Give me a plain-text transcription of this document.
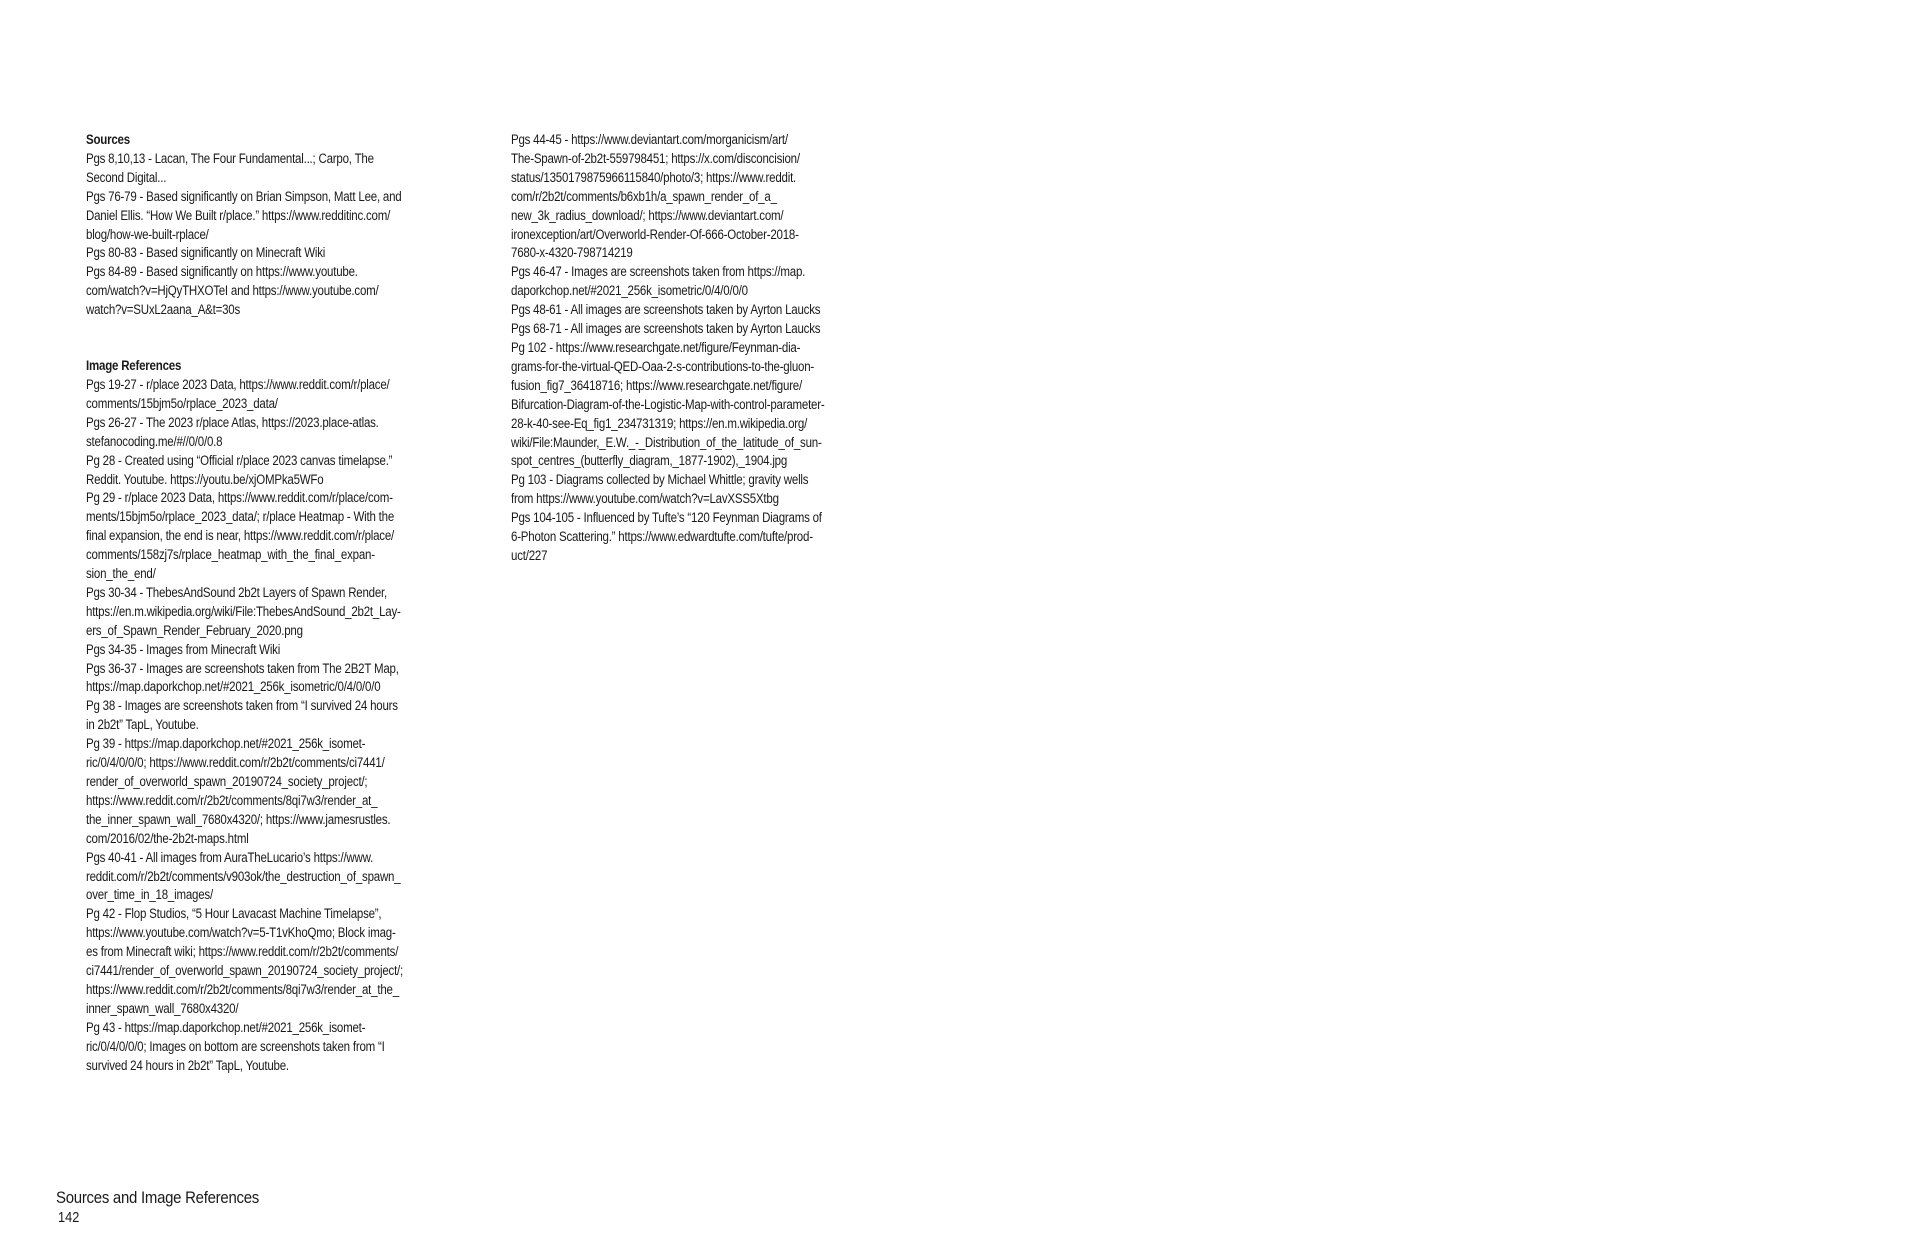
Sources

Pgs 8,10,13 - Lacan, The Four Fundamental...; Carpo, The
Second Digital...

Pgs 76-79 - Based significantly on Brian Simpson, Matt Lee, and
Daniel Ellis. “How We Built r/place.” https://www.redditinc.com/
blog/how-we-built-rplace/

Pgs 80-83 - Based significantly on Minecraft Wiki

Pgs 84-89 - Based significantly on https://www.youtube.
com/watch?v=HjQyTHXOTeI and https://www.youtube.com/
watch?v=SUxL2aana_A&t=30s

Image References

Pgs 19-27 - r/place 2023 Data, https://www.reddit.com/r/place/
comments/15bjm5o/rplace_2023_data/

Pgs 26-27 - The 2023 r/place Atlas, https://2023.place-atlas.
stefanocoding.me/#//0/0/0.8

Pg 28 - Created using “Official r/place 2023 canvas timelapse.”
Reddit. Youtube. https://youtu.be/xjOMPka5WFo

Pg 29 - r/place 2023 Data, https://www.reddit.com/r/place/com-
ments/15bjm5o/rplace_2023_data/; r/place Heatmap - With the
final expansion, the end is near, https://www.reddit.com/r/place/
comments/158zj7s/rplace_heatmap_with_the_final_expan-
sion_the_end/

Pgs 30-34 - ThebesAndSound 2b2t Layers of Spawn Render,
https://en.m.wikipedia.org/wiki/File:ThebesAndSound_2b2t_Lay-
ers_of_Spawn_Render_February_2020.png

Pgs 34-35 - Images from Minecraft Wiki

Pgs 36-37 - Images are screenshots taken from The 2B2T Map,
https://map.daporkchop.net/#2021_256k_isometric/0/4/0/0/0

Pg 38 - Images are screenshots taken from “I survived 24 hours
in 2b2t” TapL, Youtube.

Pg 39 - https://map.daporkchop.net/#2021_256k_isomet-
ric/0/4/0/0/0; https://www.reddit.com/r/2b2t/comments/ci7441/
render_of_overworld_spawn_20190724_society_project/;
https://www.reddit.com/r/2b2t/comments/8qi7w3/render_at_
the_inner_spawn_wall_7680x4320/; https://www.jamesrustles.
com/2016/02/the-2b2t-maps.html

Pgs 40-41 - All images from AuraTheLucario’s https://www.
reddit.com/r/2b2t/comments/v903ok/the_destruction_of_spawn_
over_time_in_18_images/

Pg 42 - Flop Studios, “5 Hour Lavacast Machine Timelapse”,
https://www.youtube.com/watch?v=5-T1vKhoQmo; Block imag-
es from Minecraft wiki; https://www.reddit.com/r/2b2t/comments/
ci7441/render_of_overworld_spawn_20190724_society_project/;
https://www.reddit.com/r/2b2t/comments/8qi7w3/render_at_the_
inner_spawn_wall_7680x4320/

Pg 43 - https://map.daporkchop.net/#2021_256k_isomet-
ric/0/4/0/0/0; Images on bottom are screenshots taken from “I
survived 24 hours in 2b2t” TapL, Youtube.

Pgs 44-45 - https://www.deviantart.com/morganicism/art/
The-Spawn-of-2b2t-559798451; https://x.com/disconcision/
status/1350179875966115840/photo/3; https://www.reddit.
com/r/2b2t/comments/b6xb1h/a_spawn_render_of_a_
new_3k_radius_download/; https://www.deviantart.com/
ironexception/art/Overworld-Render-Of-666-October-2018-
7680-x-4320-798714219

Pgs 46-47 - Images are screenshots taken from https://map.
daporkchop.net/#2021_256k_isometric/0/4/0/0/0

Pgs 48-61 - All images are screenshots taken by Ayrton Laucks

Pgs 68-71 - All images are screenshots taken by Ayrton Laucks

Pg 102 - https://www.researchgate.net/figure/Feynman-dia-
grams-for-the-virtual-QED-Oaa-2-s-contributions-to-the-gluon-
fusion_fig7_36418716; https://www.researchgate.net/figure/
Bifurcation-Diagram-of-the-Logistic-Map-with-control-parameter-
28-k-40-see-Eq_fig1_234731319; https://en.m.wikipedia.org/
wiki/File:Maunder,_E.W._-_Distribution_of_the_latitude_of_sun-
spot_centres_(butterfly_diagram,_1877-1902),_1904.jpg

Pg 103 - Diagrams collected by Michael Whittle; gravity wells
from https://www.youtube.com/watch?v=LavXSS5Xtbg

Pgs 104-105 - Influenced by Tufte’s “120 Feynman Diagrams of
6-Photon Scattering.” https://www.edwardtufte.com/tufte/prod-
uct/227

Sources and Image References
142
